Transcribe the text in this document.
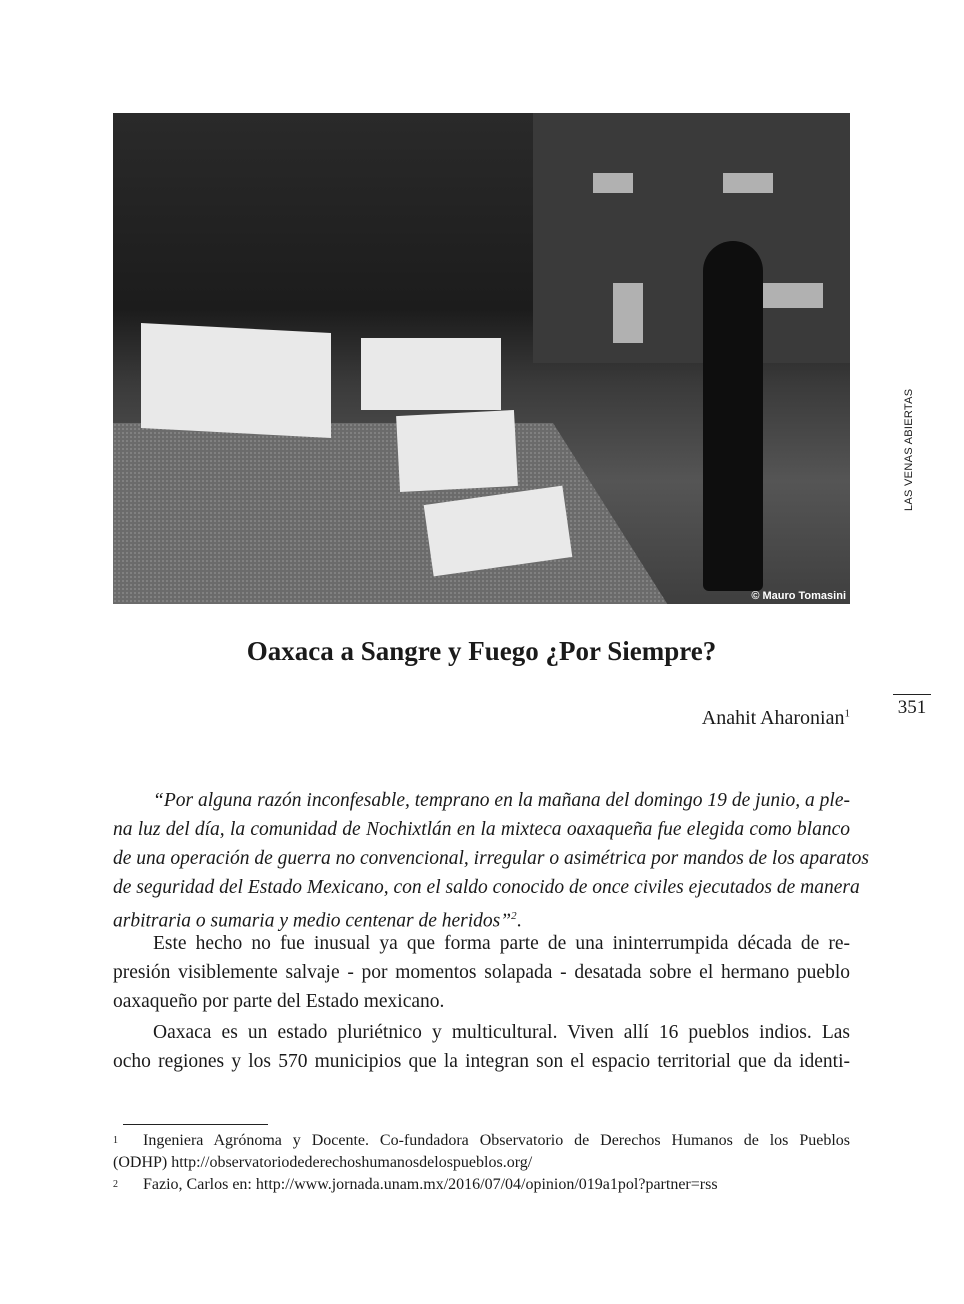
© Mauro Tomasini
LAS VENAS ABIERTAS
351
Oaxaca a Sangre y Fuego ¿Por Siempre?
Anahit Aharonian$^1$
“Por alguna razón inconfesable, temprano en la mañana del domingo 19 de junio, a ple-
na luz del día, la comunidad de Nochixtlán en la mixteca oaxaqueña fue elegida como blanco
de una operación de guerra no convencional, irregular o asimétrica por mandos de los aparatos
de seguridad del Estado Mexicano, con el saldo conocido de once civiles ejecutados de manera
arbitraria o sumaria y medio centenar de heridos”$^2$.
Este hecho no fue inusual ya que forma parte de una ininterrumpida década de re-
presión visiblemente salvaje - por momentos solapada - desatada sobre el hermano pueblo
oaxaqueño por parte del Estado mexicano.
Oaxaca es un estado pluriétnico y multicultural. Viven allí 16 pueblos indios. Las
ocho regiones y los 570 municipios que la integran son el espacio territorial que da identi-
1 Ingeniera Agrónoma y Docente. Co-fundadora Observatorio de Derechos Humanos de los Pueblos
(ODHP) http://observatoriodederechoshumanosdelospueblos.org/
2 Fazio, Carlos en: http://www.jornada.unam.mx/2016/07/04/opinion/019a1pol?partner=rss
